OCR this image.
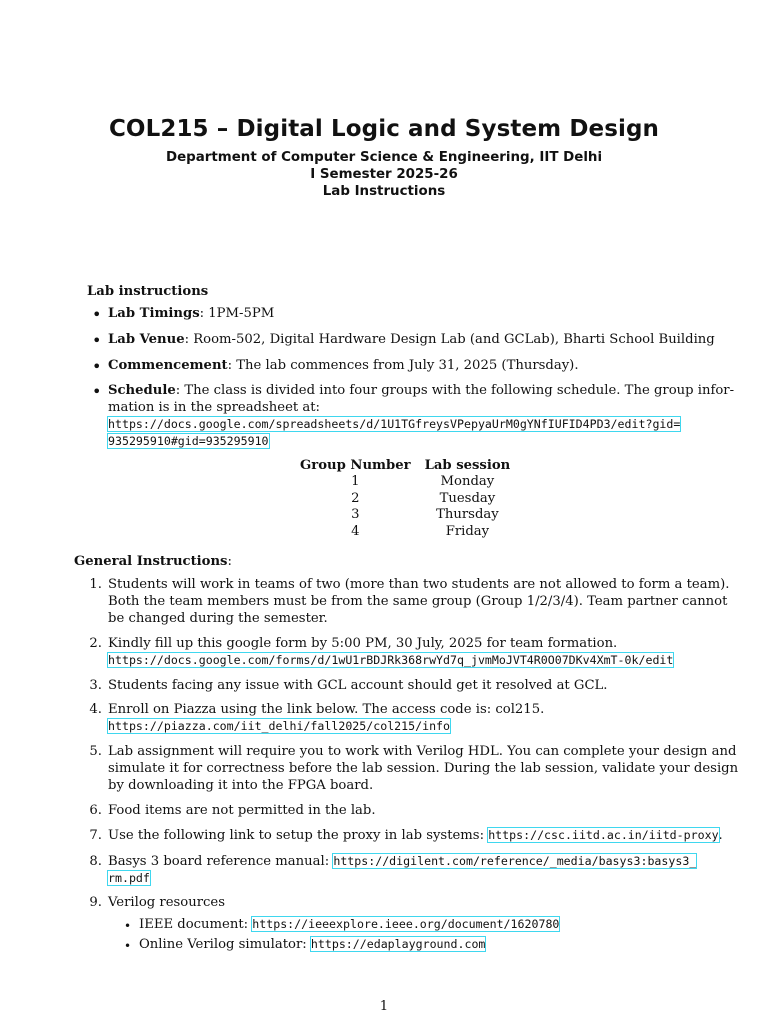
COL215 – Digital Logic and System Design
Department of Computer Science & Engineering, IIT Delhi
I Semester 2025-26
Lab Instructions
Lab instructions
• Lab Timings: 1PM-5PM
• Lab Venue: Room-502, Digital Hardware Design Lab (and GCLab), Bharti School Building
• Commencement: The lab commences from July 31, 2025 (Thursday).
• Schedule: The class is divided into four groups with the following schedule. The group infor-
mation is in the spreadsheet at:
https://docs.google.com/spreadsheets/d/1U1TGfreysVPepyaUrM0gYNfIUFID4PD3/edit?gid=
935295910#gid=935295910
Group Number	Lab session
1	Monday
2	Tuesday
3	Thursday
4	Friday
General Instructions:
1. Students will work in teams of two (more than two students are not allowed to form a team).
Both the team members must be from the same group (Group 1/2/3/4). Team partner cannot
be changed during the semester.
2. Kindly fill up this google form by 5:00 PM, 30 July, 2025 for team formation.
https://docs.google.com/forms/d/1wU1rBDJRk368rwYd7q_jvmMoJVT4R0O07DKv4XmT-0k/edit
3. Students facing any issue with GCL account should get it resolved at GCL.
4. Enroll on Piazza using the link below. The access code is: col215.
https://piazza.com/iit_delhi/fall2025/col215/info
5. Lab assignment will require you to work with Verilog HDL. You can complete your design and
simulate it for correctness before the lab session. During the lab session, validate your design
by downloading it into the FPGA board.
6. Food items are not permitted in the lab.
7. Use the following link to setup the proxy in lab systems: https://csc.iitd.ac.in/iitd-proxy.
8. Basys 3 board reference manual: https://digilent.com/reference/_media/basys3:basys3_
rm.pdf
9. Verilog resources
• IEEE document: https://ieeexplore.ieee.org/document/1620780
• Online Verilog simulator: https://edaplayground.com
1
